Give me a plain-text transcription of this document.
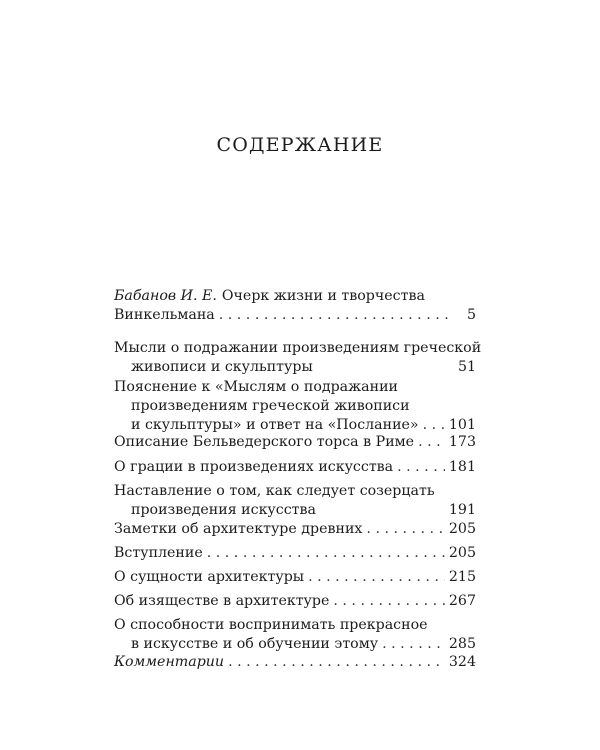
СОДЕРЖАНИЕ
Бабанов И. Е. Очерк жизни и творчества
Винкельмана . . .	5
Мысли о подражании произведениям греческой
живописи и скульптуры	51
Пояснение к «Мыслям о подражании
произведениям греческой живописи
и скульптуры» и ответ на «Послание» . . . 101
Описание Бельведерского торса в Риме . . . 173
О грации в произведениях искусства . . .	181
Наставление о том, как следует созерцать
произведения искусства	191
Заметки об архитектуре древних . . .	205
Вступление . . .	205
О сущности архитектуры . . .	215
Об изяществе в архитектуре . . .	267
О способности воспринимать прекрасное
в искусстве и об обучении этому . . .	285
Комментарии . . .	324
